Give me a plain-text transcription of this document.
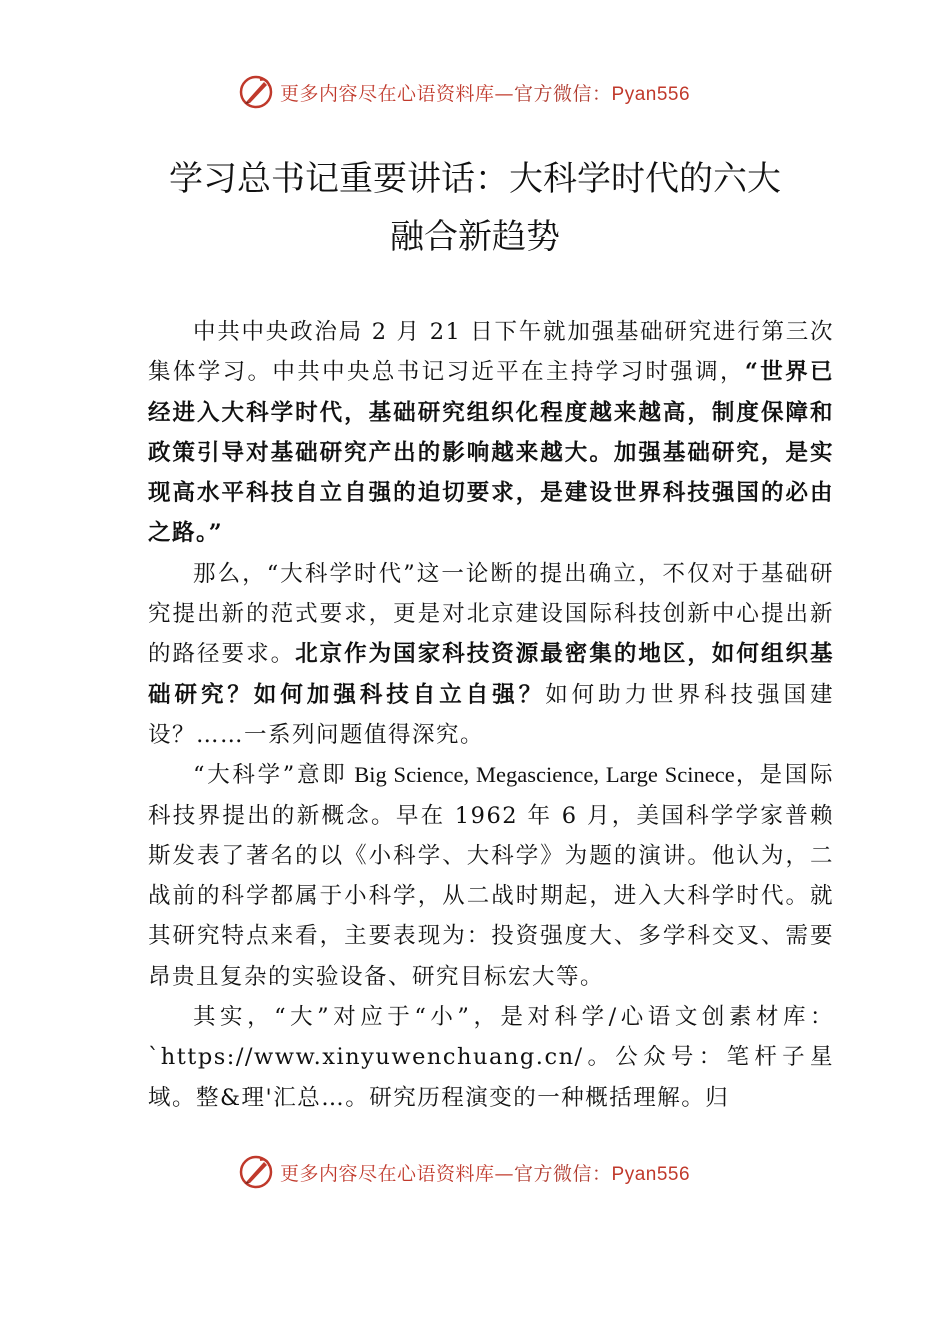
更多内容尽在心语资料库—官方微信：Pyan556
学习总书记重要讲话：大科学时代的六大
融合新趋势

中共中央政治局 2 月 21 日下午就加强基础研究进行第三次集体学习。中共中央总书记习近平在主持学习时强调，“世界已经进入大科学时代，基础研究组织化程度越来越高，制度保障和政策引导对基础研究产出的影响越来越大。加强基础研究，是实现高水平科技自立自强的迫切要求，是建设世界科技强国的必由之路。”

那么，“大科学时代”这一论断的提出确立，不仅对于基础研究提出新的范式要求，更是对北京建设国际科技创新中心提出新的路径要求。北京作为国家科技资源最密集的地区，如何组织基础研究？如何加强科技自立自强？如何助力世界科技强国建设？……一系列问题值得深究。

“大科学”意即 Big Science, Megascience, Large Scinece，是国际科技界提出的新概念。早在 1962 年 6 月，美国科学学家普赖斯发表了著名的以《小科学、大科学》为题的演讲。他认为，二战前的科学都属于小科学，从二战时期起，进入大科学时代。就其研究特点来看，主要表现为：投资强度大、多学科交叉、需要昂贵且复杂的实验设备、研究目标宏大等。

其实，“大”对应于“小”，是对科学/心语文创素材库：`https://www.xinyuwenchuang.cn/。公众号：笔杆子星域。整&理'汇总…。研究历程演变的一种概括理解。归

更多内容尽在心语资料库—官方微信：Pyan556
